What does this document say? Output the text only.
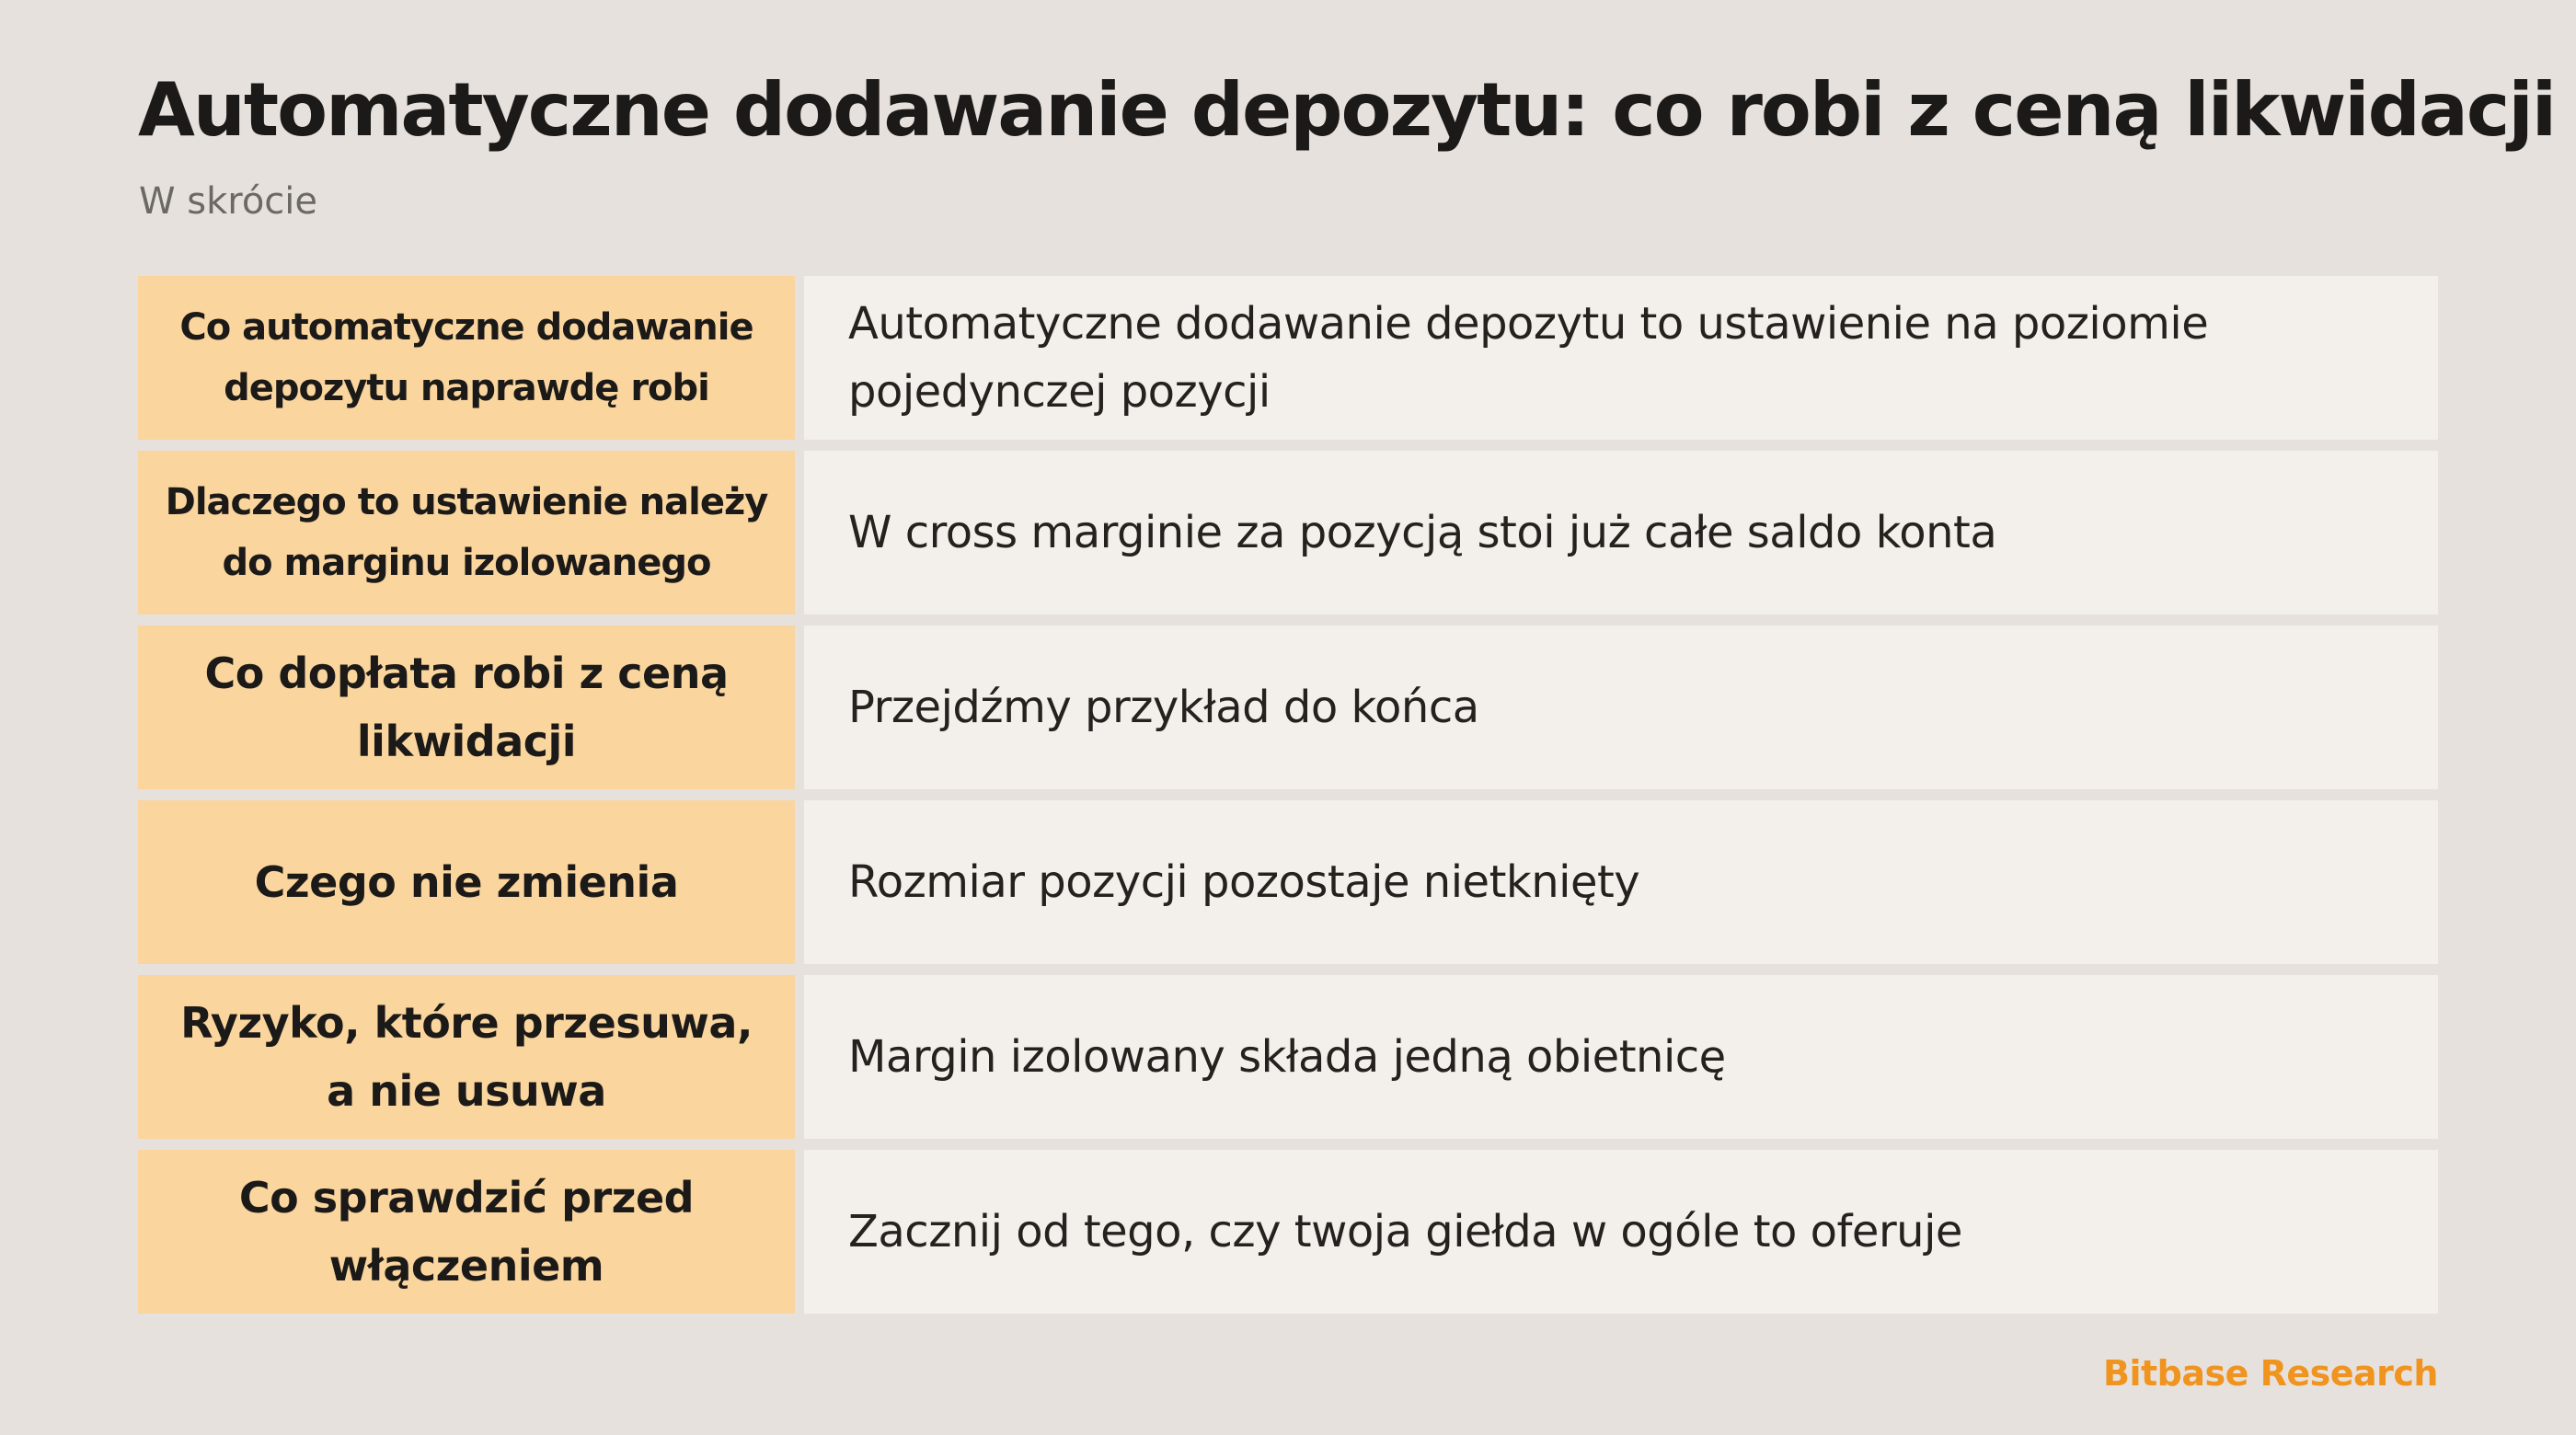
Automatyczne dodawanie depozytu: co robi z ceną likwidacji

W skrócie

Co automatyczne dodawanie depozytu naprawdę robi
Automatyczne dodawanie depozytu to ustawienie na poziomie pojedynczej pozycji
Dlaczego to ustawienie należy do marginu izolowanego
W cross marginie za pozycją stoi już całe saldo konta
Co dopłata robi z ceną likwidacji
Przejdźmy przykład do końca
Czego nie zmienia	Rozmiar pozycji pozostaje nietknięty
Ryzyko, które przesuwa, a nie usuwa
Margin izolowany składa jedną obietnicę
Co sprawdzić przed włączeniem
Zacznij od tego, czy twoja giełda w ogóle to oferuje
Bitbase Research
